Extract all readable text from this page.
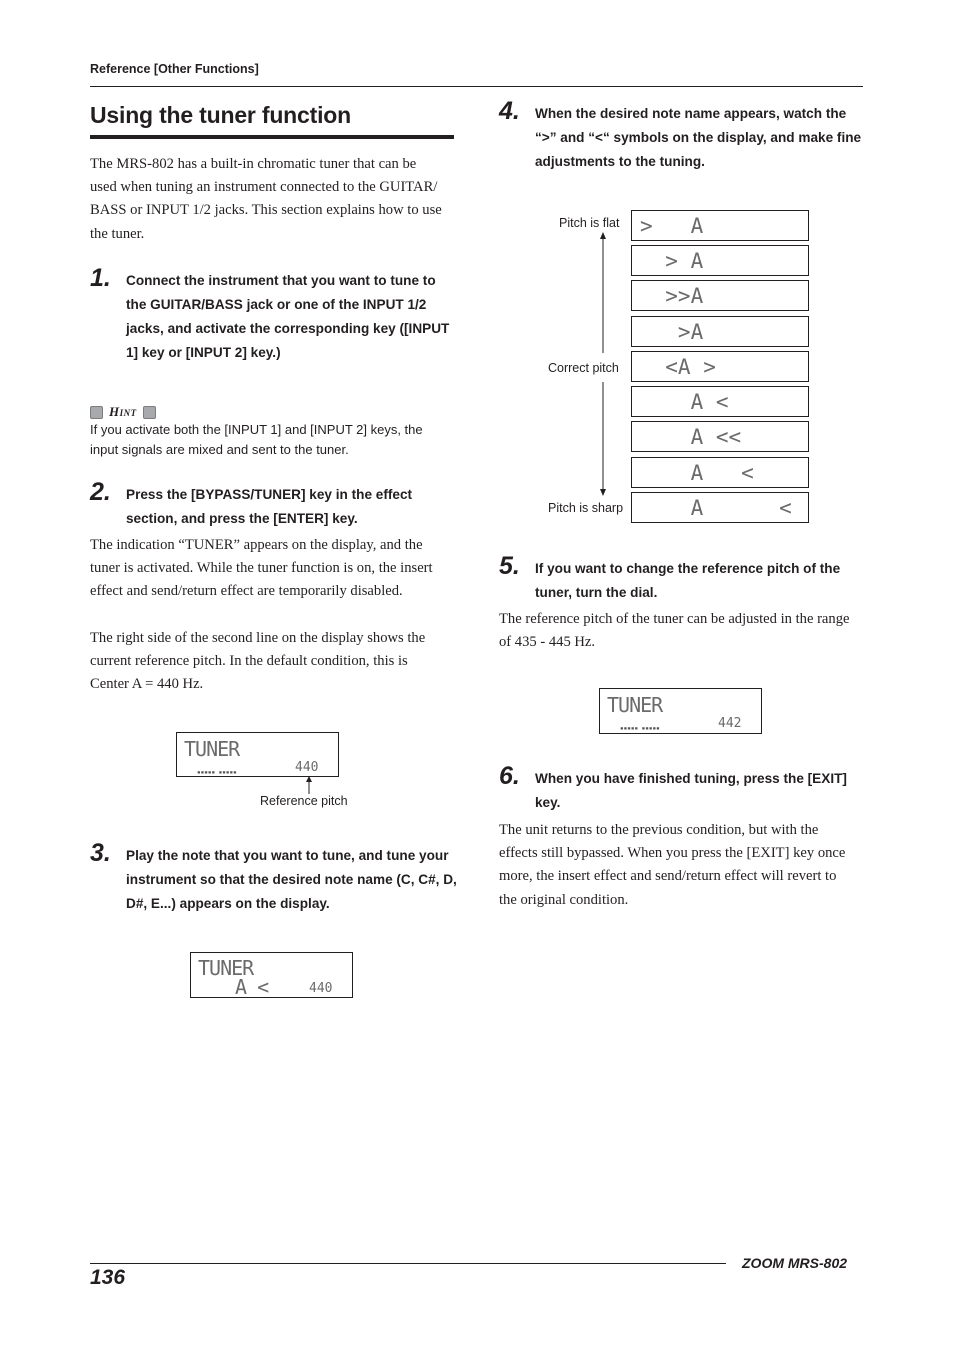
Reference [Other Functions]
Using the tuner function
The MRS-802 has a built-in chromatic tuner that can be
used when tuning an instrument connected to the GUITAR/
BASS or INPUT 1/2 jacks. This section explains how to use
the tuner.
1. Connect the instrument that you want to tune to
the GUITAR/BASS jack or one of the INPUT 1/2
jacks, and activate the corresponding key ([INPUT
1] key or [INPUT 2] key.)
Hint
If you activate both the [INPUT 1] and [INPUT 2] keys, the
input signals are mixed and sent to the tuner.
2. Press the [BYPASS/TUNER] key in the effect
section, and press the [ENTER] key.
The indication “TUNER” appears on the display, and the
tuner is activated. While the tuner function is on, the insert
effect and send/return effect are temporarily disabled.
The right side of the second line on the display shows the
current reference pitch. In the default condition, this is
Center A = 440 Hz.
TUNER
▪▪▪▪▪ ▪▪▪▪▪	440
Reference pitch
3. Play the note that you want to tune, and tune your
instrument so that the desired note name (C, C#, D,
D#, E...) appears on the display.
TUNER
A <	440
4. When the desired note name appears, watch the
“>” and “<“ symbols on the display, and make fine
adjustments to the tuning.
Pitch is flat
Correct pitch
Pitch is sharp
>   A
> A
>>A
>A
<A >
A <
A <<
A   <
A      <
5. If you want to change the reference pitch of the
tuner, turn the dial.
The reference pitch of the tuner can be adjusted in the range
of 435 - 445 Hz.
TUNER
▪▪▪▪▪ ▪▪▪▪▪	442
6. When you have finished tuning, press the [EXIT]
key.
The unit returns to the previous condition, but with the
effects still bypassed. When you press the [EXIT] key once
more, the insert effect and send/return effect will revert to
the original condition.
136
ZOOM MRS-802
